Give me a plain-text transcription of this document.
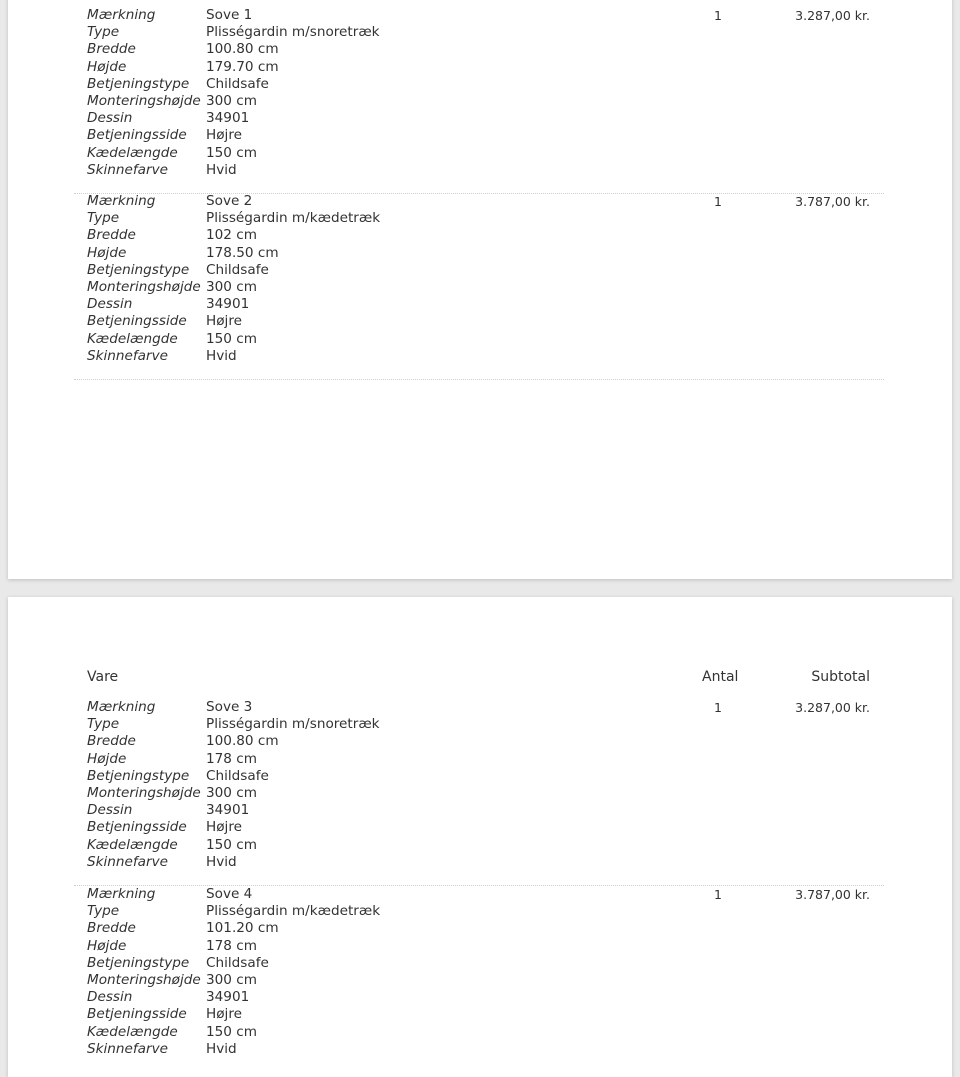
Mærkning	Sove 1	1	3.287,00 kr.
Type	Plisségardin m/snoretræk
Bredde	100.80 cm
Højde	179.70 cm
Betjeningstype Childsafe
Monteringshøjde 300 cm
Dessin	34901
Betjeningsside Højre
Kædelængde 150 cm
Skinnefarve	Hvid
Mærkning	Sove 2	1	3.787,00 kr.
Type	Plisségardin m/kædetræk
Bredde	102 cm
Højde	178.50 cm
Betjeningstype Childsafe
Monteringshøjde 300 cm
Dessin	34901
Betjeningsside Højre
Kædelængde 150 cm
Skinnefarve	Hvid
Vare	Antal	Subtotal
Mærkning	Sove 3	1	3.287,00 kr.
Type	Plisségardin m/snoretræk
Bredde	100.80 cm
Højde	178 cm
Betjeningstype Childsafe
Monteringshøjde 300 cm
Dessin	34901
Betjeningsside Højre
Kædelængde 150 cm
Skinnefarve	Hvid
Mærkning	Sove 4	1	3.787,00 kr.
Type	Plisségardin m/kædetræk
Bredde	101.20 cm
Højde	178 cm
Betjeningstype Childsafe
Monteringshøjde 300 cm
Dessin	34901
Betjeningsside Højre
Kædelængde 150 cm
Skinnefarve	Hvid
